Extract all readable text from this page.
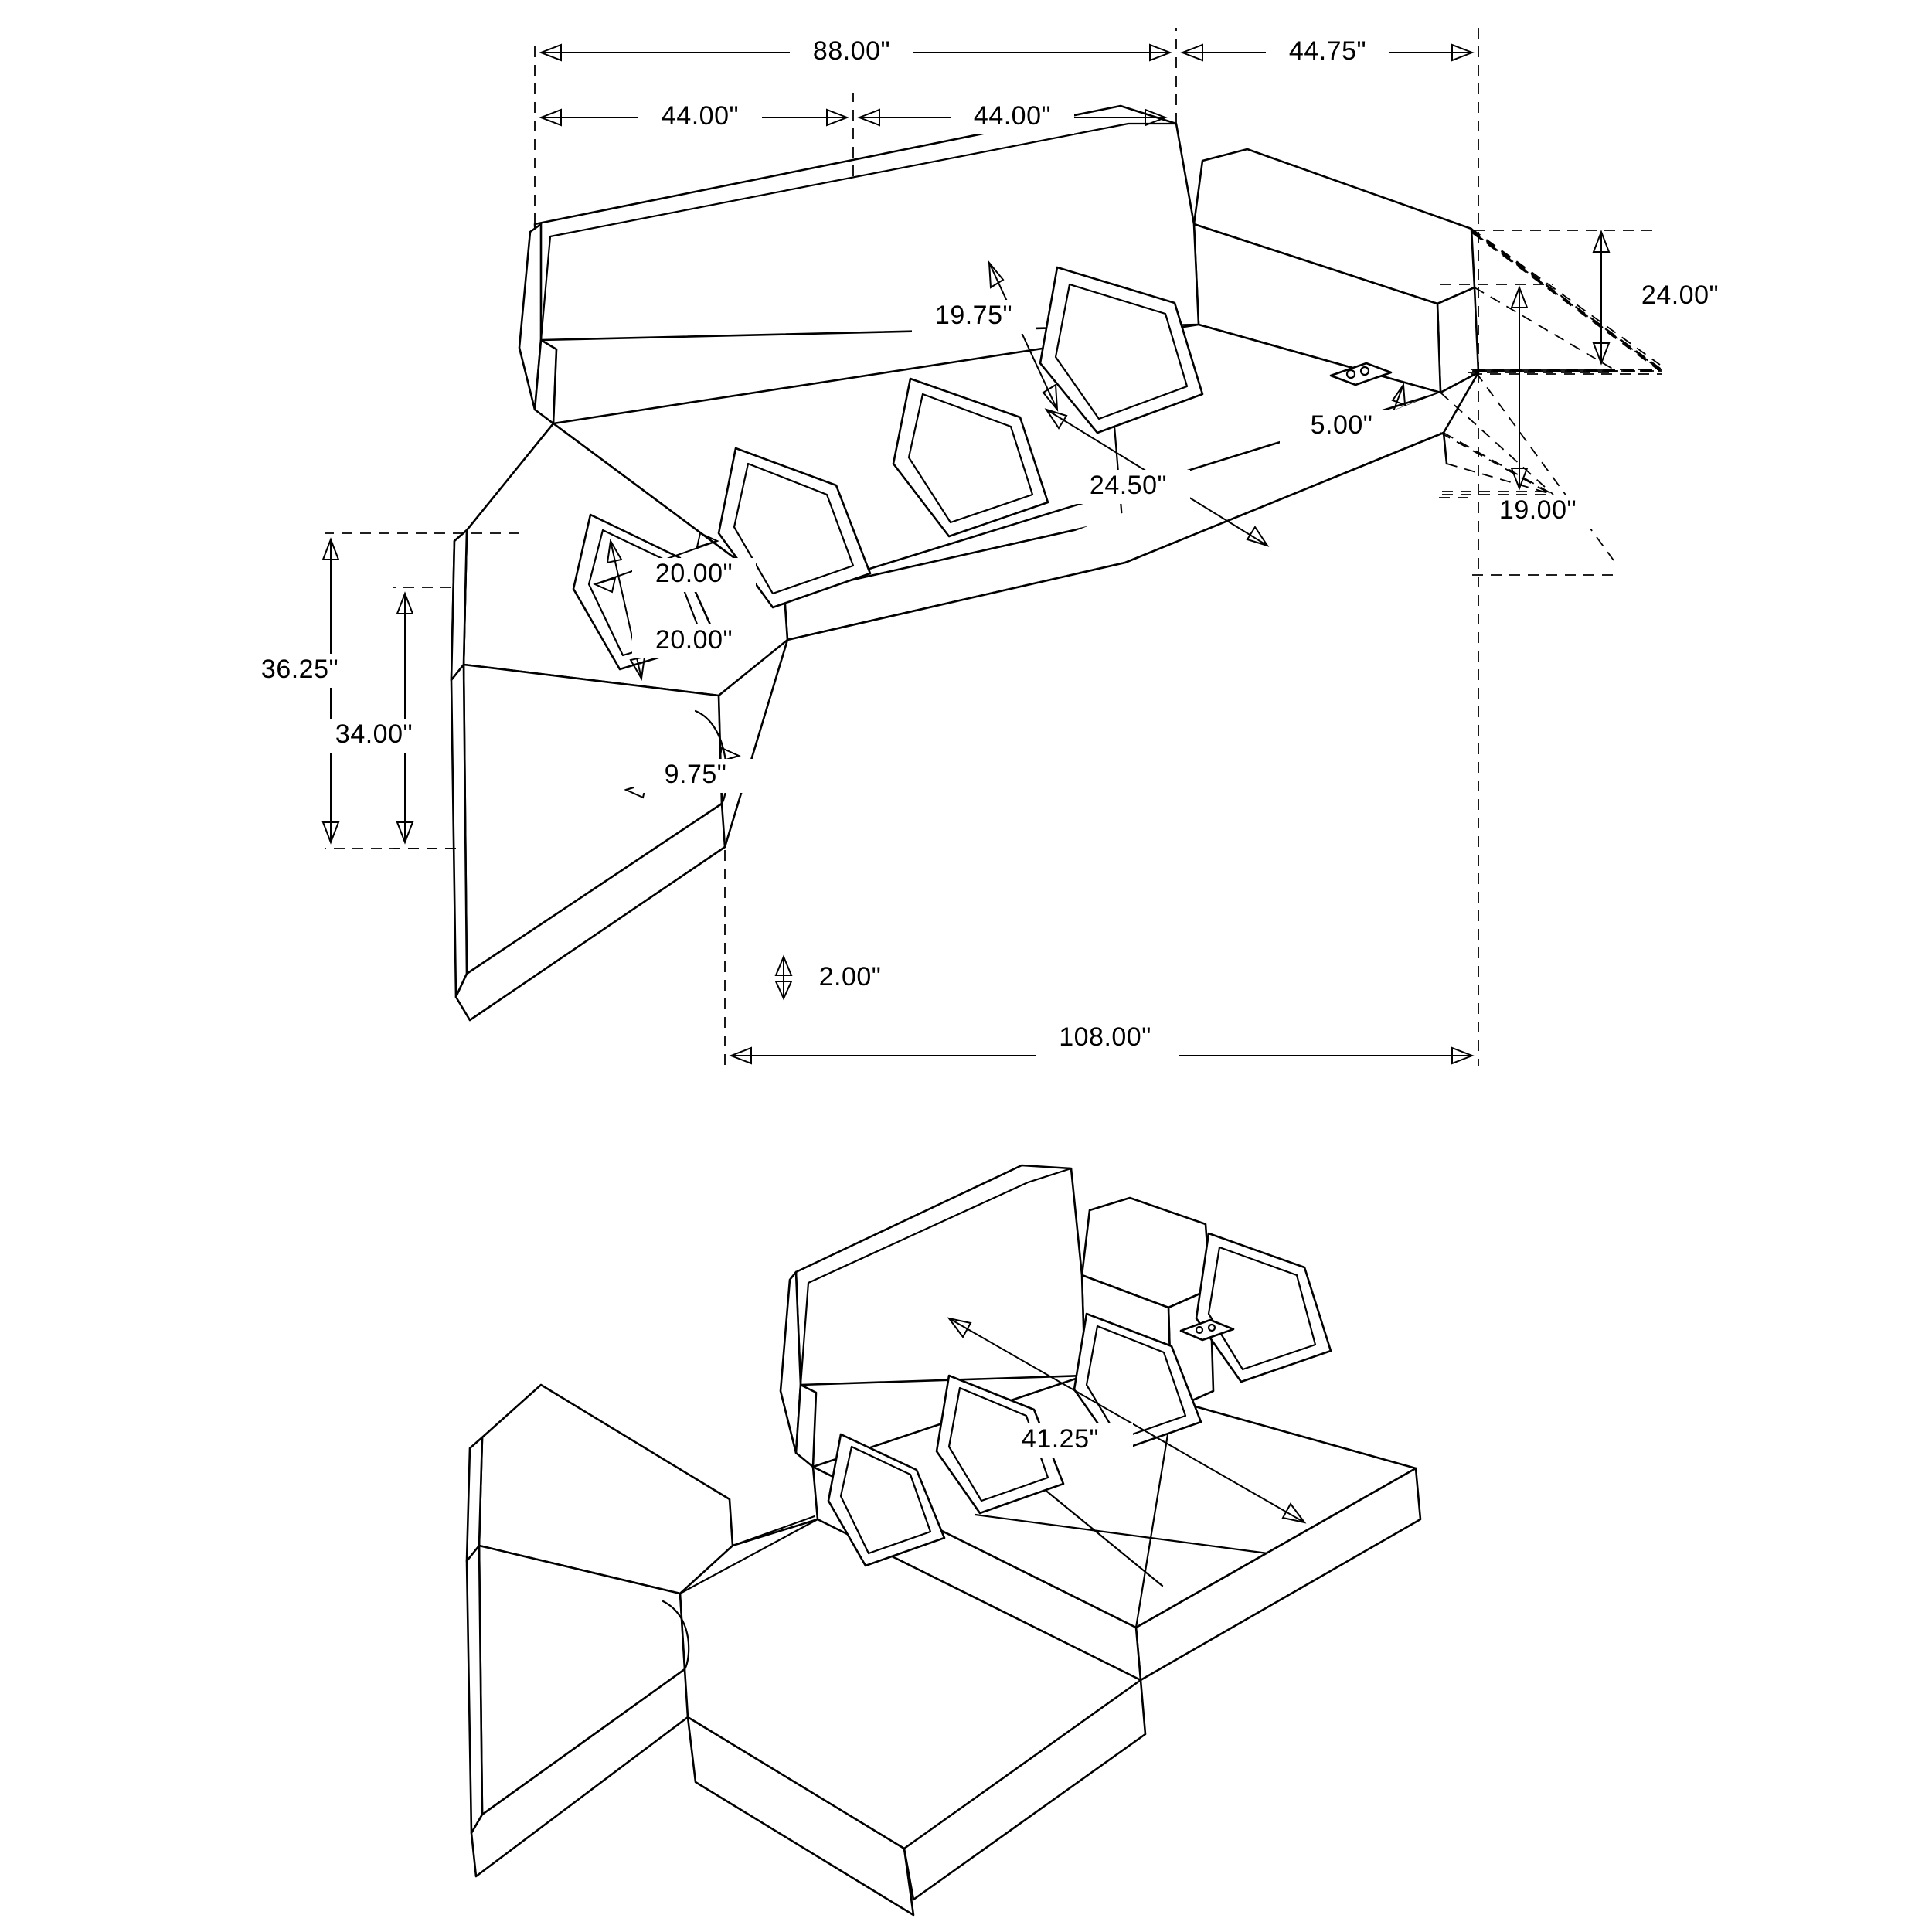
88.00"	44.75"
44.00"	44.00"
19.75"
5.00"
24.50"
24.00"
19.00"
20.00"
20.00"
36.25"
34.00"
9.75"
2.00"
108.00"
41.25"
